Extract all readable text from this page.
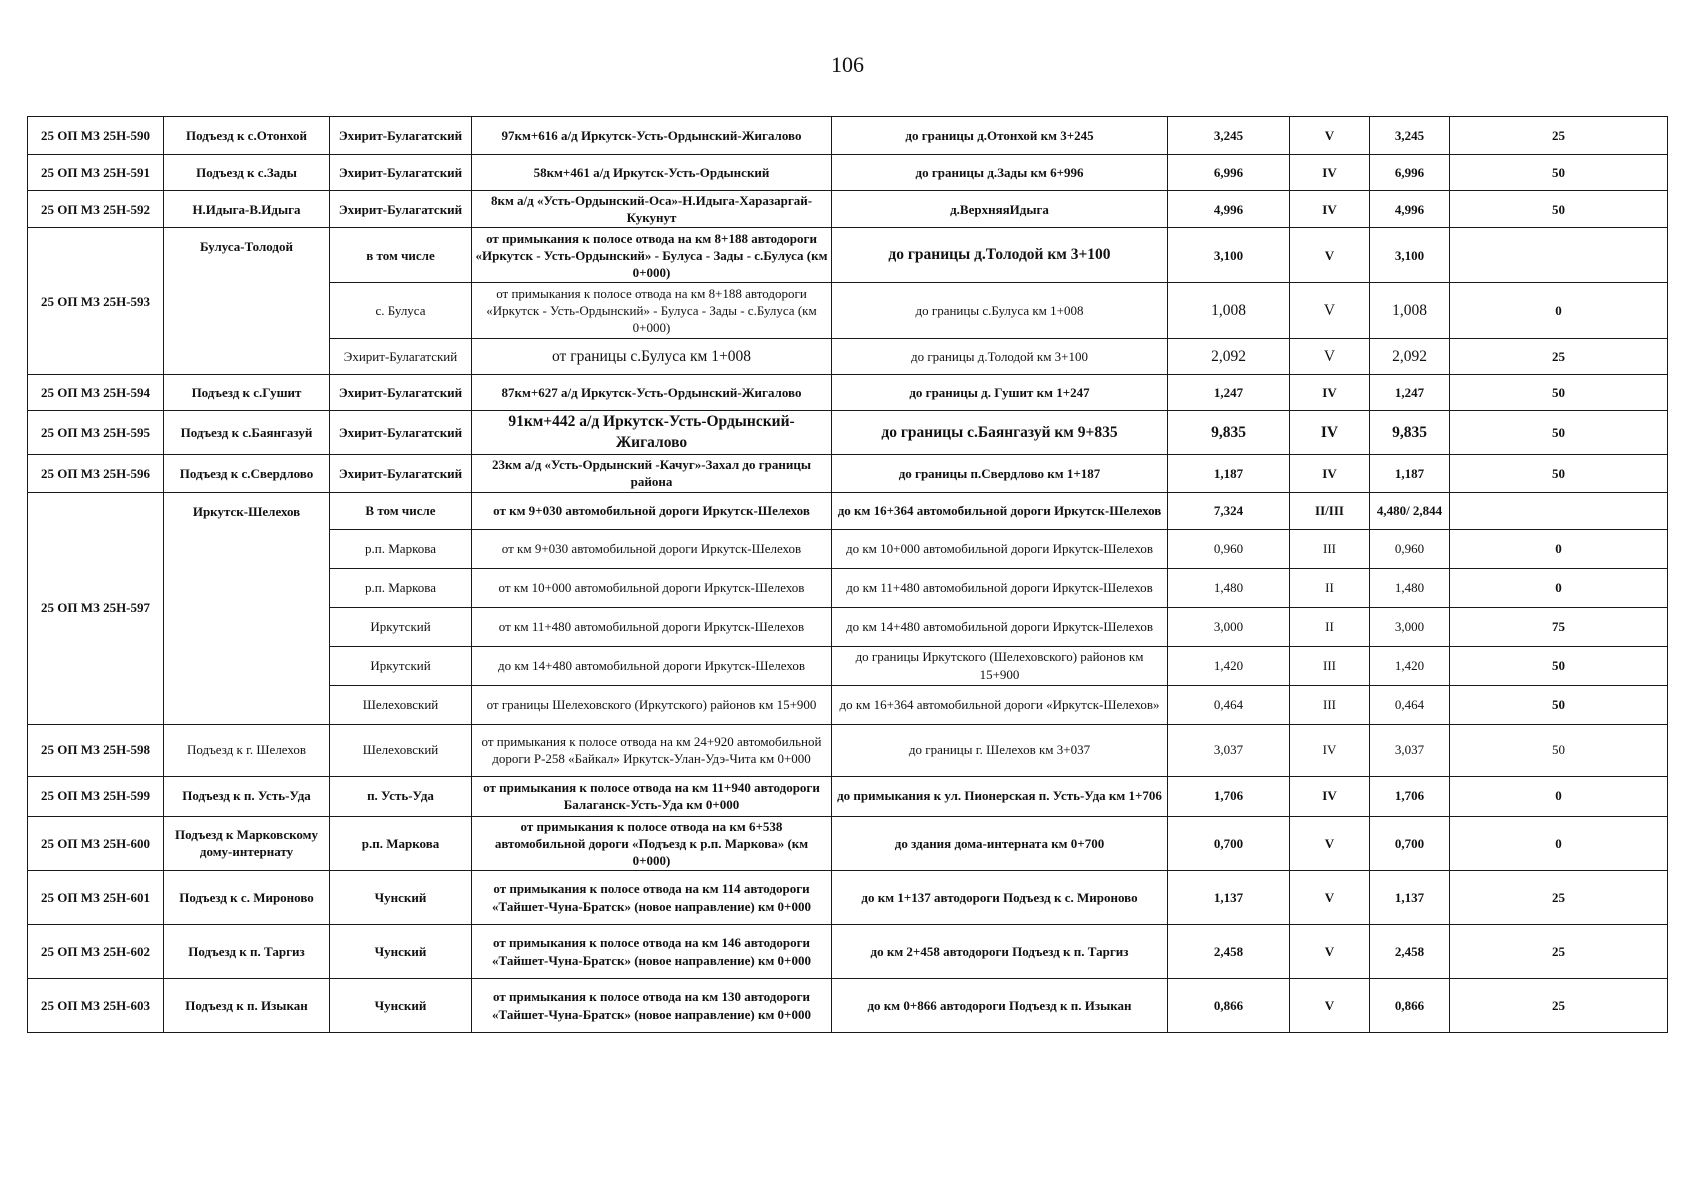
106
25 ОП МЗ 25Н-590	Подъезд к с.Отонхой	Эхирит-Булагатский	97км+616 а/д Иркутск-Усть-Ордынский-Жигалово	до границы д.Отонхой км 3+245	3,245	V	3,245	25
25 ОП МЗ 25Н-591	Подъезд к с.Зады	Эхирит-Булагатский	58км+461 а/д Иркутск-Усть-Ордынский	до границы д.Зады км 6+996	6,996	IV	6,996	50
25 ОП МЗ 25Н-592	Н.Идыга-В.Идыга	Эхирит-Булагатский	8км а/д «Усть-Ордынский-Оса»-Н.Идыга-Харазаргай-Кукунут	д.ВерхняяИдыга	4,996	IV	4,996	50
25 ОП МЗ 25Н-593	Булуса-Толодой	в том числе	от примыкания к полосе отвода на км 8+188 автодороги «Иркутск - Усть-Ордынский» - Булуса - Зады - с.Булуса (км 0+000)	до границы д.Толодой км 3+100	3,100	V	3,100	
		с. Булуса	от примыкания к полосе отвода на км 8+188 автодороги «Иркутск - Усть-Ордынский» - Булуса - Зады - с.Булуса (км 0+000)	до границы с.Булуса км 1+008	1,008	V	1,008	0
		Эхирит-Булагатский	от границы с.Булуса км 1+008	до границы д.Толодой км 3+100	2,092	V	2,092	25
25 ОП МЗ 25Н-594	Подъезд к с.Гушит	Эхирит-Булагатский	87км+627 а/д Иркутск-Усть-Ордынский-Жигалово	до границы д. Гушит км 1+247	1,247	IV	1,247	50
25 ОП МЗ 25Н-595	Подъезд к с.Баянгазуй	Эхирит-Булагатский	91км+442 а/д Иркутск-Усть-Ордынский-Жигалово	до границы с.Баянгазуй км 9+835	9,835	IV	9,835	50
25 ОП МЗ 25Н-596	Подъезд к с.Свердлово	Эхирит-Булагатский	23км а/д «Усть-Ордынский -Качуг»-Захал до границы района	до границы п.Свердлово км 1+187	1,187	IV	1,187	50
25 ОП МЗ 25Н-597	Иркутск-Шелехов	В том числе	от км 9+030 автомобильной дороги Иркутск-Шелехов	до км 16+364 автомобильной дороги Иркутск-Шелехов	7,324	II/III	4,480/ 2,844	
		р.п. Маркова	от км 9+030 автомобильной дороги Иркутск-Шелехов	до км 10+000 автомобильной дороги Иркутск-Шелехов	0,960	III	0,960	0
		р.п. Маркова	от км 10+000 автомобильной дороги Иркутск-Шелехов	до км 11+480 автомобильной дороги Иркутск-Шелехов	1,480	II	1,480	0
		Иркутский	от км 11+480 автомобильной дороги Иркутск-Шелехов	до км 14+480 автомобильной дороги Иркутск-Шелехов	3,000	II	3,000	75
		Иркутский	до км 14+480 автомобильной дороги Иркутск-Шелехов	до границы Иркутского (Шелеховского) районов км 15+900	1,420	III	1,420	50
		Шелеховский	от границы Шелеховского (Иркутского) районов км 15+900	до км 16+364 автомобильной дороги «Иркутск-Шелехов»	0,464	III	0,464	50
25 ОП МЗ 25Н-598	Подъезд к г. Шелехов	Шелеховский	от примыкания к полосе отвода на км 24+920 автомобильной дороги Р-258 «Байкал» Иркутск-Улан-Удэ-Чита км 0+000	до границы г. Шелехов км 3+037	3,037	IV	3,037	50
25 ОП МЗ 25Н-599	Подъезд к п. Усть-Уда	п. Усть-Уда	от примыкания к полосе отвода на км 11+940 автодороги Балаганск-Усть-Уда км 0+000	до примыкания к ул. Пионерская п. Усть-Уда км 1+706	1,706	IV	1,706	0
25 ОП МЗ 25Н-600	Подъезд к Марковскому дому-интернату	р.п. Маркова	от примыкания к полосе отвода на км 6+538 автомобильной дороги «Подъезд к р.п. Маркова» (км 0+000)	до здания дома-интерната км 0+700	0,700	V	0,700	0
25 ОП МЗ 25Н-601	Подъезд к с. Мироново	Чунский	от примыкания к полосе отвода на км 114 автодороги «Тайшет-Чуна-Братск» (новое направление) км 0+000	до км 1+137 автодороги Подъезд к с. Мироново	1,137	V	1,137	25
25 ОП МЗ 25Н-602	Подъезд к п. Таргиз	Чунский	от примыкания к полосе отвода на км 146 автодороги «Тайшет-Чуна-Братск» (новое направление) км 0+000	до км 2+458 автодороги Подъезд к п. Таргиз	2,458	V	2,458	25
25 ОП МЗ 25Н-603	Подъезд к п. Изыкан	Чунский	от примыкания к полосе отвода на км 130 автодороги «Тайшет-Чуна-Братск» (новое направление) км 0+000	до км 0+866 автодороги Подъезд к п. Изыкан	0,866	V	0,866	25
